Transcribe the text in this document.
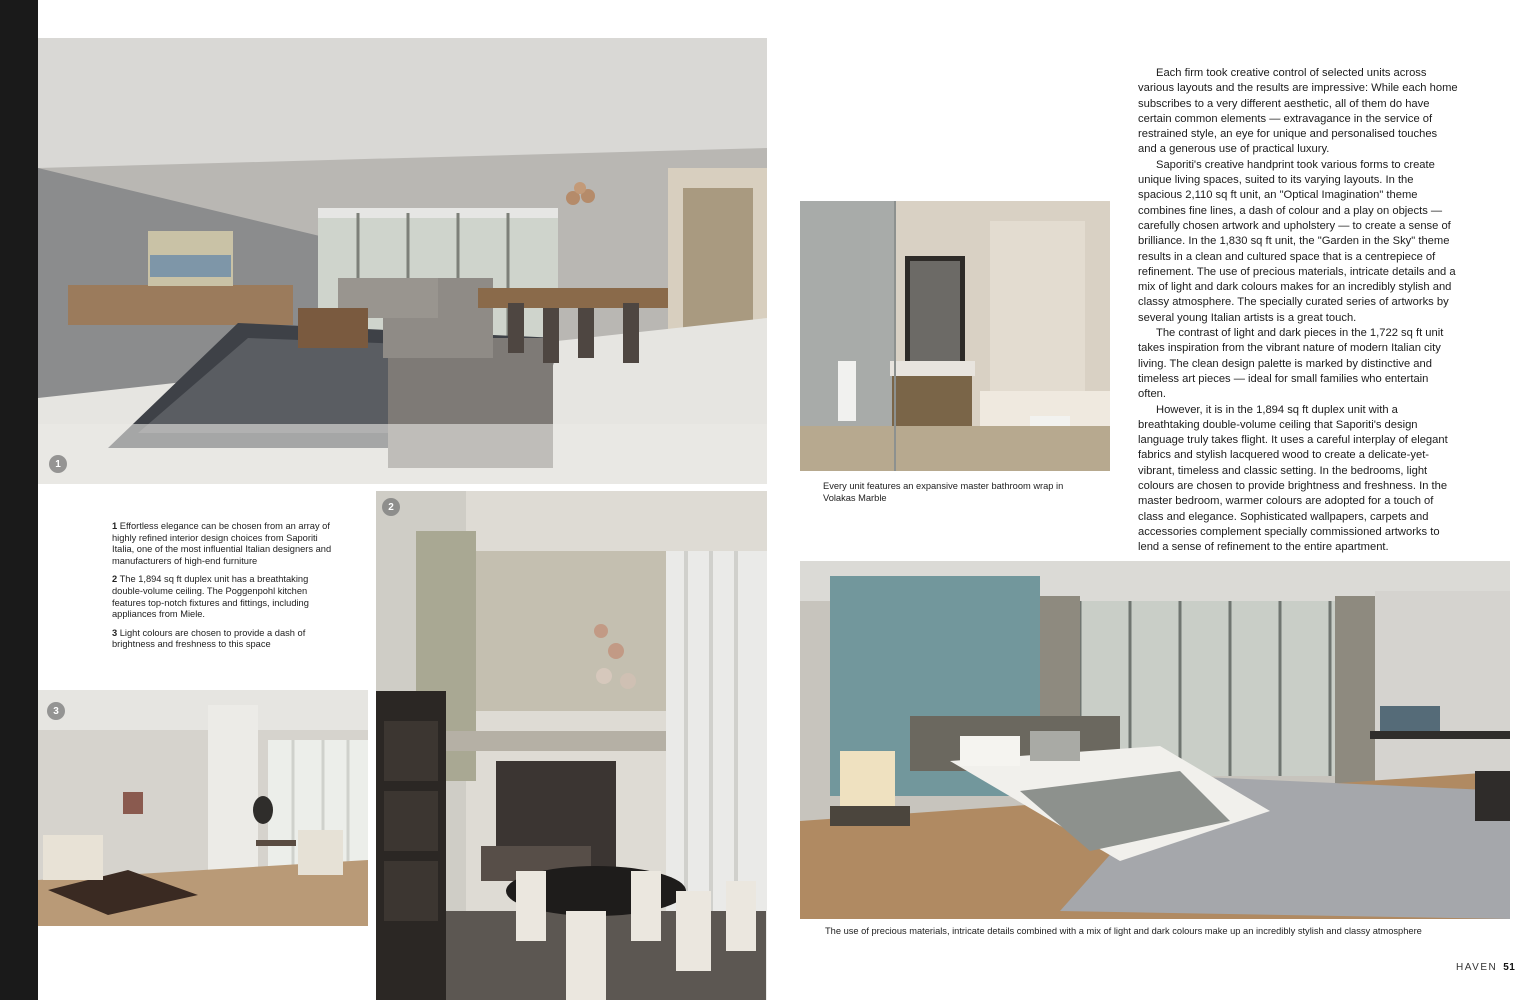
1
2
3

1 Effortless elegance can be chosen from an array of highly refined interior design choices from Saporiti Italia, one of the most influential Italian designers and manufacturers of high-end furniture

2 The 1,894 sq ft duplex unit has a breathtaking double-volume ceiling. The Poggenpohl kitchen features top-notch fixtures and fittings, including appliances from Miele.

3 Light colours are chosen to provide a dash of brightness and freshness to this space

Every unit features an expansive master bathroom wrap in Volakas Marble
The use of precious materials, intricate details combined with a mix of light and dark colours make up an incredibly stylish and classy atmosphere

Each firm took creative control of selected units across various layouts and the results are impressive: While each home subscribes to a very different aesthetic, all of them do have certain common elements — extravagance in the service of restrained style, an eye for unique and personalised touches and a generous use of practical luxury.

Saporiti's creative handprint took various forms to create unique living spaces, suited to its varying layouts. In the spacious 2,110 sq ft unit, an "Optical Imagination" theme combines fine lines, a dash of colour and a play on objects — carefully chosen artwork and upholstery — to create a sense of brilliance. In the 1,830 sq ft unit, the "Garden in the Sky" theme results in a clean and cultured space that is a centrepiece of refinement. The use of precious materials, intricate details and a mix of light and dark colours makes for an incredibly stylish and classy atmosphere. The specially curated series of artworks by several young Italian artists is a great touch.

The contrast of light and dark pieces in the 1,722 sq ft unit takes inspiration from the vibrant nature of modern Italian city living. The clean design palette is marked by distinctive and timeless art pieces — ideal for small families who entertain often.

However, it is in the 1,894 sq ft duplex unit with a breathtaking double-volume ceiling that Saporiti's design language truly takes flight. It uses a careful interplay of elegant fabrics and stylish lacquered wood to create a delicate-yet-vibrant, timeless and classic setting. In the bedrooms, light colours are chosen to provide brightness and freshness. In the master bedroom, warmer colours are adopted for a touch of class and elegance. Sophisticated wallpapers, carpets and accessories complement specially commissioned artworks to lend a sense of refinement to the entire apartment.

HAVEN 51
